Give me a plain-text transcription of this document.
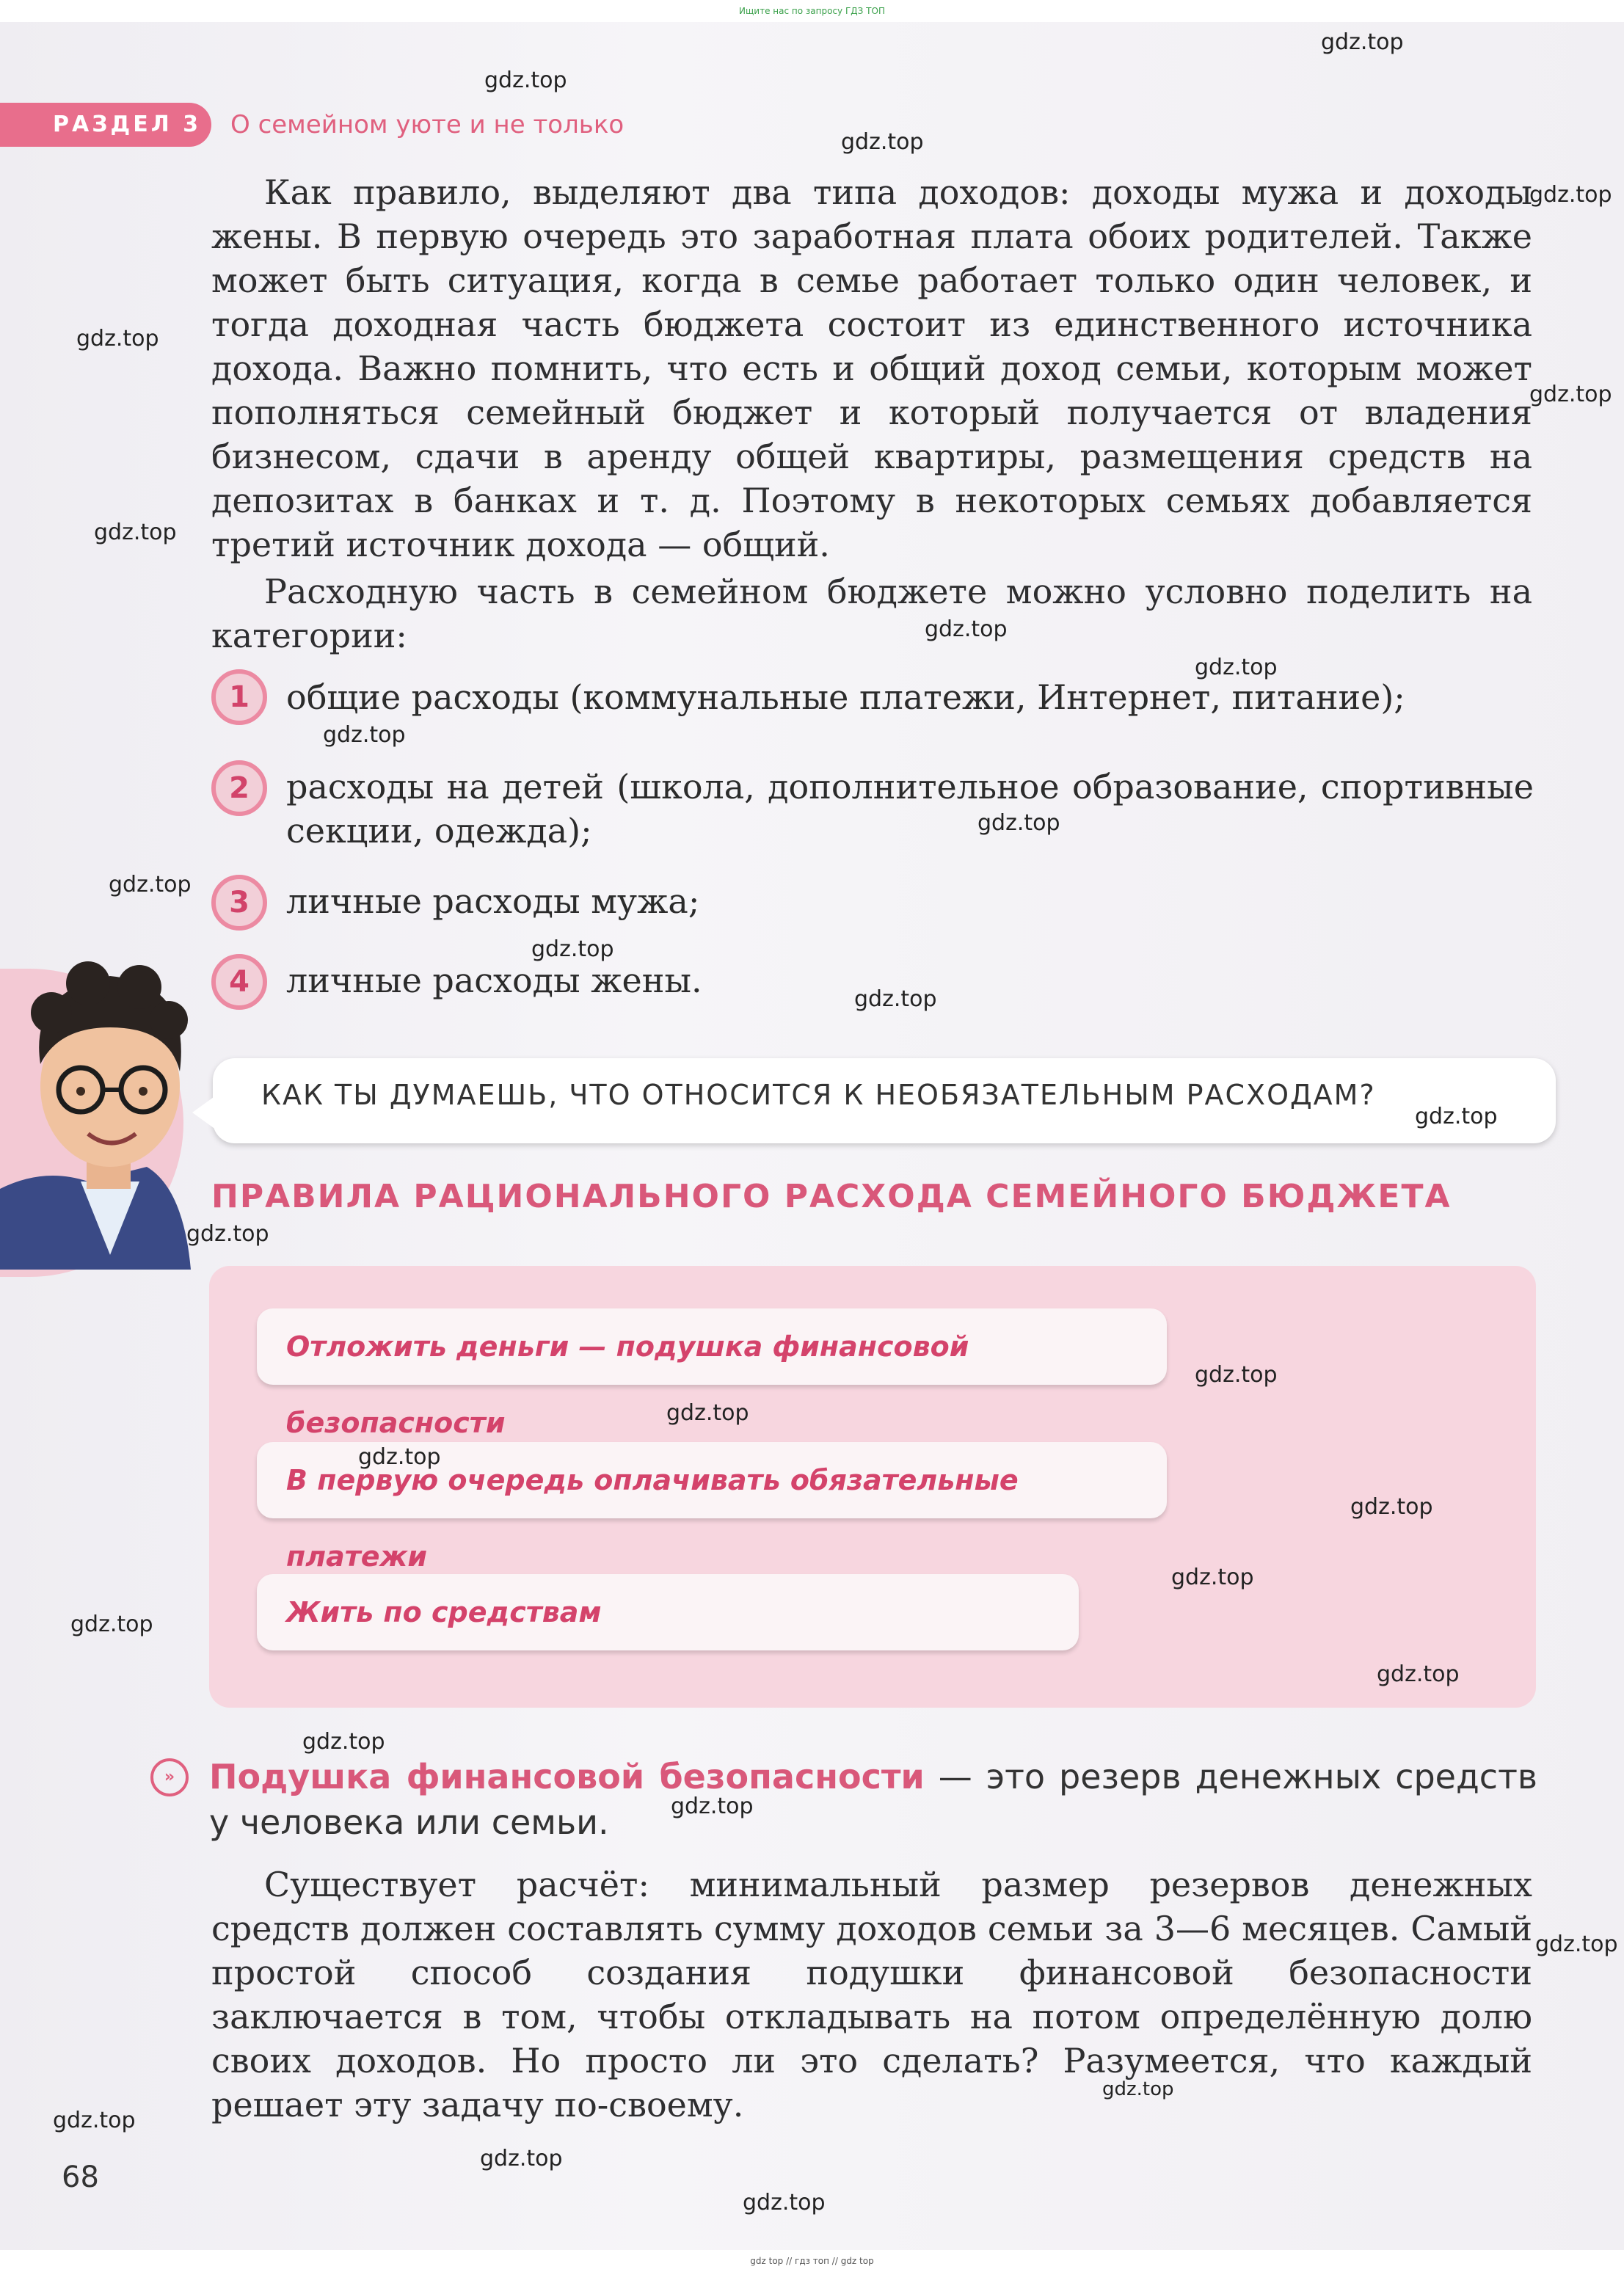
Ищите нас по запросу ГДЗ ТОП
РАЗДЕЛ 3	О семейном уюте и не только
Как правило, выделяют два типа доходов: доходы мужа и доходы жены. В первую очередь это заработная плата обоих родителей. Также может быть ситуация, когда в семье работает только один человек, и тогда доходная часть бюджета состоит из единственного источника дохода. Важно помнить, что есть и общий доход семьи, которым может пополняться семейный бюджет и который получается от владения бизнесом, сдачи в аренду общей квартиры, размещения средств на депозитах в банках и т. д. Поэтому в некоторых семьях добавляется третий источник дохода — общий.
Расходную часть в семейном бюджете можно условно поделить на категории:
1	общие расходы (коммунальные платежи, Интернет, питание);
2	расходы на детей (школа, дополнительное образование, спортивные секции, одежда);
3	личные расходы мужа;
4	личные расходы жены.
КАК ТЫ ДУМАЕШЬ, ЧТО ОТНОСИТСЯ К НЕОБЯЗАТЕЛЬНЫМ РАСХОДАМ?
ПРАВИЛА РАЦИОНАЛЬНОГО РАСХОДА СЕМЕЙНОГО БЮДЖЕТА
Отложить деньги — подушка финансовой безопасности
В первую очередь оплачивать обязательные платежи
Жить по средствам
»	Подушка финансовой безопасности — это резерв денежных средств у человека или семьи.
Существует расчёт: минимальный размер резервов денежных средств должен составлять сумму доходов семьи за 3—6 месяцев. Самый простой способ создания подушки финансовой безопасности заключается в том, чтобы откладывать на потом определённую долю своих доходов. Но просто ли это сделать? Разумеется, что каждый решает эту задачу по-своему.
68
gdz.top
gdz.top
gdz.top
gdz.top
gdz.top
gdz.top
gdz.top
gdz.top
gdz.top
gdz.top
gdz.top
gdz.top
gdz.top
gdz.top
gdz.top
gdz.top
gdz.top
gdz.top
gdz.top
gdz.top
gdz.top
gdz.top
gdz.top
gdz.top
gdz.top
gdz.top
gdz.top
gdz.top
gdz.top
gdz.top
gdz top // гдз топ // gdz top
